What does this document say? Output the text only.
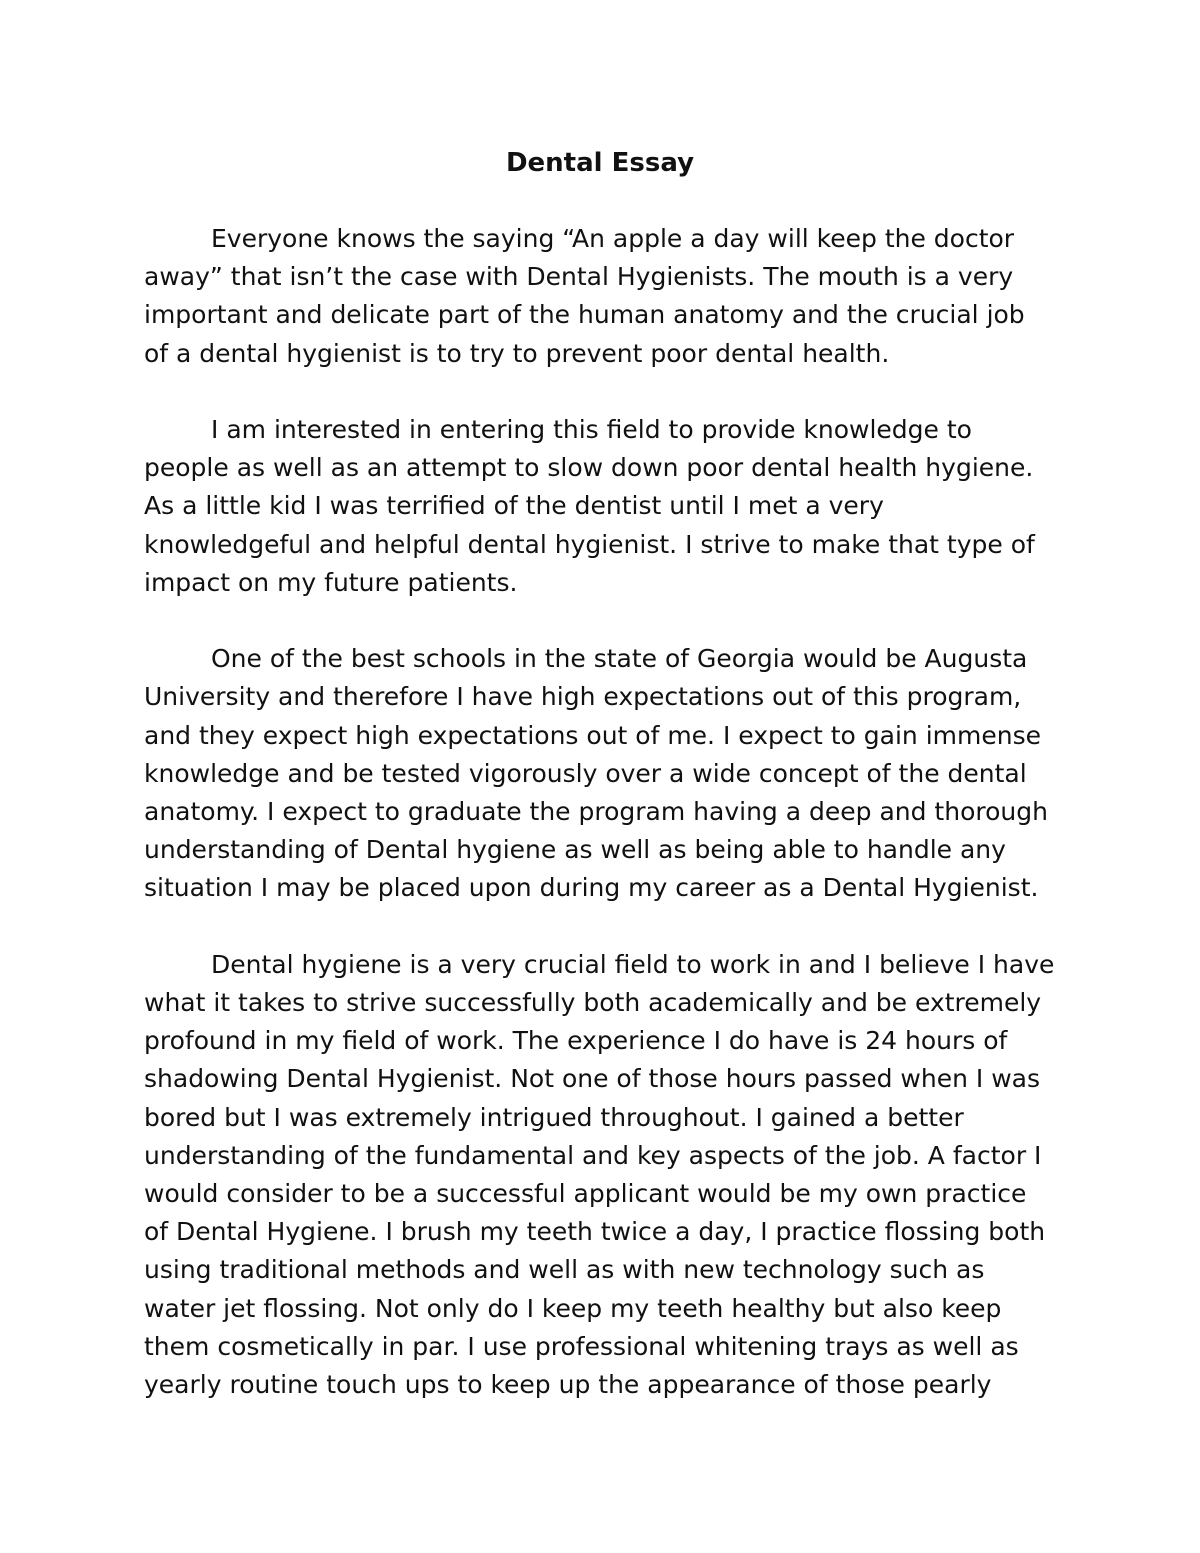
Dental Essay

Everyone knows the saying “An apple a day will keep the doctor
away” that isn’t the case with Dental Hygienists. The mouth is a very
important and delicate part of the human anatomy and the crucial job
of a dental hygienist is to try to prevent poor dental health.

I am interested in entering this field to provide knowledge to
people as well as an attempt to slow down poor dental health hygiene.
As a little kid I was terrified of the dentist until I met a very
knowledgeful and helpful dental hygienist. I strive to make that type of
impact on my future patients.

One of the best schools in the state of Georgia would be Augusta
University and therefore I have high expectations out of this program,
and they expect high expectations out of me. I expect to gain immense
knowledge and be tested vigorously over a wide concept of the dental
anatomy. I expect to graduate the program having a deep and thorough
understanding of Dental hygiene as well as being able to handle any
situation I may be placed upon during my career as a Dental Hygienist.

Dental hygiene is a very crucial field to work in and I believe I have
what it takes to strive successfully both academically and be extremely
profound in my field of work. The experience I do have is 24 hours of
shadowing Dental Hygienist. Not one of those hours passed when I was
bored but I was extremely intrigued throughout. I gained a better
understanding of the fundamental and key aspects of the job. A factor I
would consider to be a successful applicant would be my own practice
of Dental Hygiene. I brush my teeth twice a day, I practice flossing both
using traditional methods and well as with new technology such as
water jet flossing. Not only do I keep my teeth healthy but also keep
them cosmetically in par. I use professional whitening trays as well as
yearly routine touch ups to keep up the appearance of those pearly
